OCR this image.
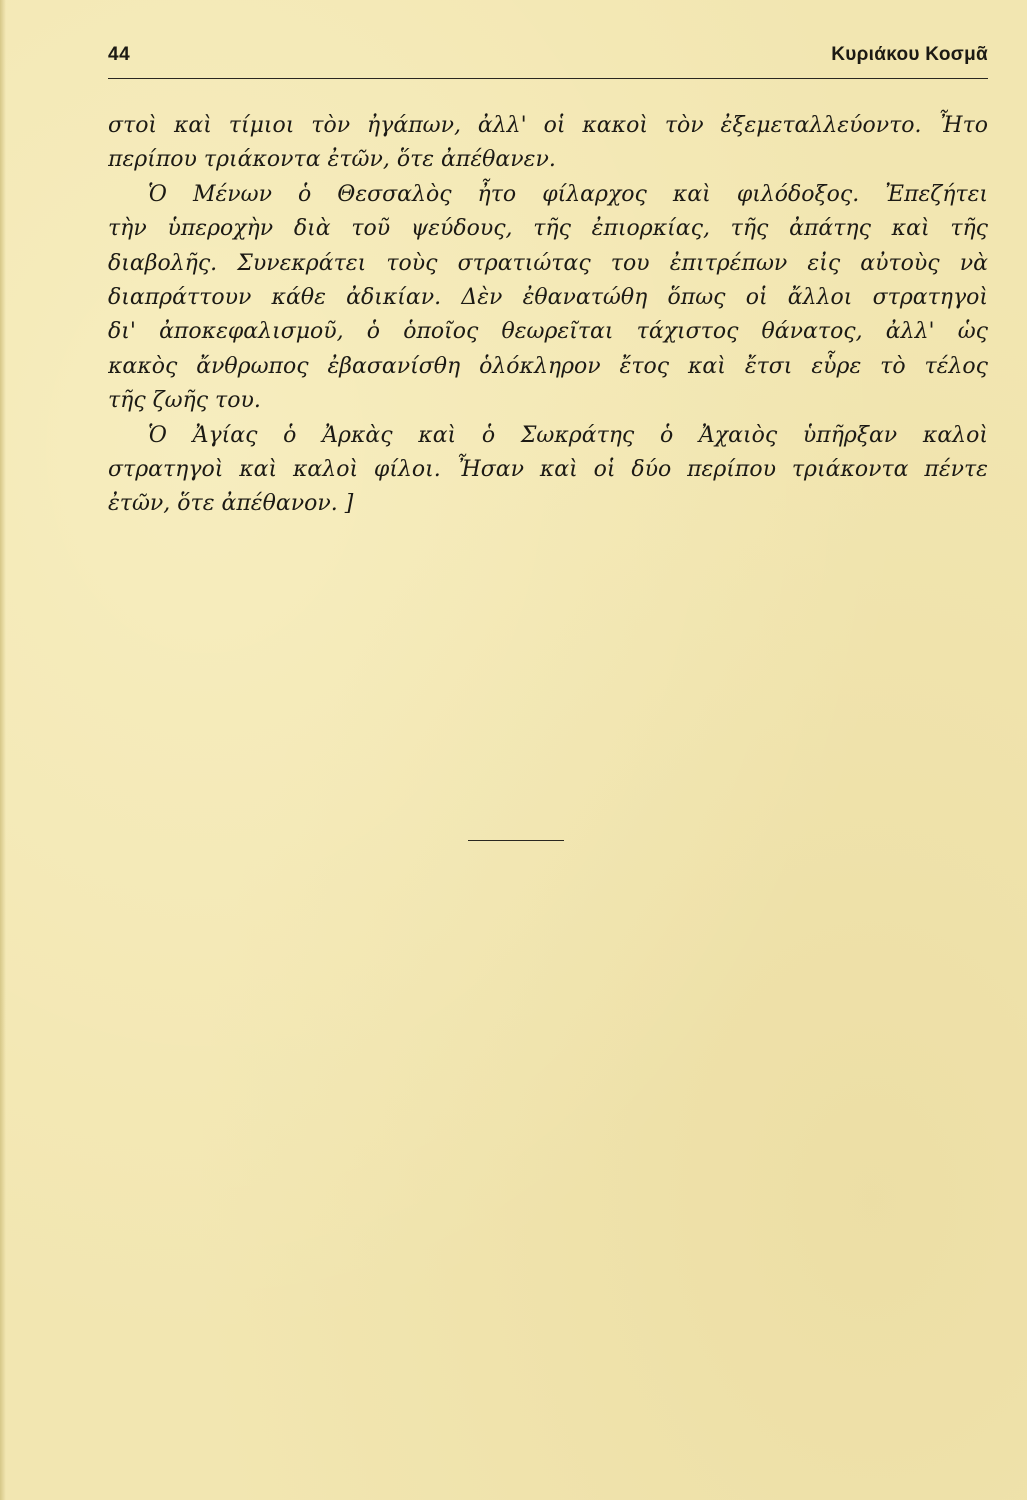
44	Κυριάκου Κοσμᾶ
στοὶ καὶ τίμιοι τὸν ἠγάπων, ἀλλ' οἱ κακοὶ τὸν ἐξεμεταλλεύοντο. Ἦτο
περίπου τριάκοντα ἐτῶν, ὅτε ἀπέθανεν.
Ὁ Μένων ὁ Θεσσαλὸς ἦτο φίλαρχος καὶ φιλόδοξος. Ἐπεζήτει
τὴν ὑπεροχὴν διὰ τοῦ ψεύδους, τῆς ἐπιορκίας, τῆς ἀπάτης καὶ τῆς
διαβολῆς. Συνεκράτει τοὺς στρατιώτας του ἐπιτρέπων εἰς αὐτοὺς νὰ
διαπράττουν κάθε ἀδικίαν. Δὲν ἐθανατώθη ὅπως οἱ ἄλλοι στρατηγοὶ
δι' ἀποκεφαλισμοῦ, ὁ ὁποῖος θεωρεῖται τάχιστος θάνατος, ἀλλ' ὡς
κακὸς ἄνθρωπος ἐβασανίσθη ὁλόκληρον ἔτος καὶ ἔτσι εὗρε τὸ τέλος
τῆς ζωῆς του.
Ὁ Ἀγίας ὁ Ἀρκὰς καὶ ὁ Σωκράτης ὁ Ἀχαιὸς ὑπῆρξαν καλοὶ
στρατηγοὶ καὶ καλοὶ φίλοι. Ἦσαν καὶ οἱ δύο περίπου τριάκοντα πέντε
ἐτῶν, ὅτε ἀπέθανον. ]
